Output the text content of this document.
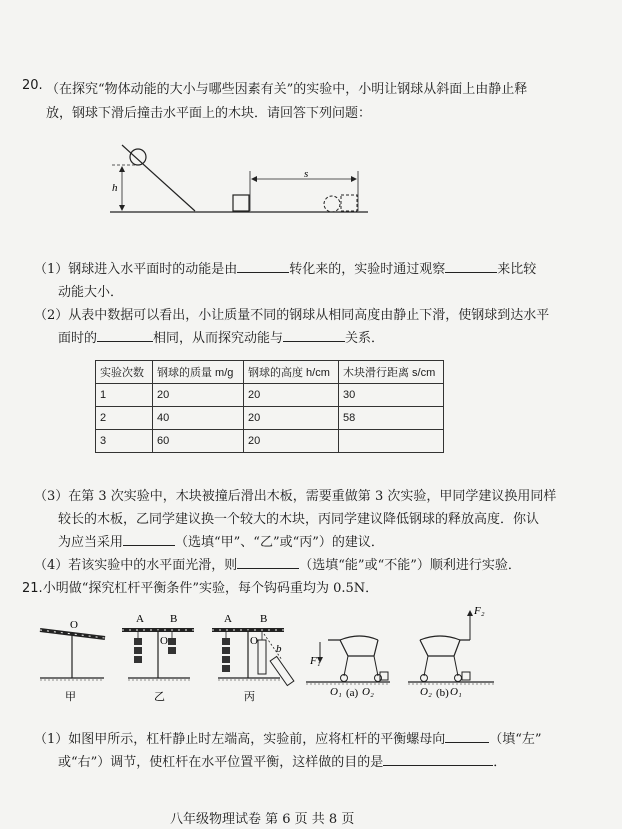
20. （在探究“物体动能的大小与哪些因素有关”的实验中，小明让钢球从斜面上由静止释
放，钢球下滑后撞击水平面上的木块．请回答下列问题：
h
s
（1）钢球进入水平面时的动能是由	转化来的，实验时通过观察	来比较
动能大小．
（2）从表中数据可以看出，小让质量不同的钢球从相同高度由静止下滑，使钢球到达水平
面时的	相同，从而探究动能与	关系．
实验次数	钢球的质量 m/g	钢球的高度 h/cm	木块滑行距离 s/cm
1	20	20	30
2	40	20	58
3	60	20	
（3）在第 3 次实验中，木块被撞后滑出木板，需要重做第 3 次实验，甲同学建议换用同样
较长的木板，乙同学建议换一个较大的木块，丙同学建议降低钢球的释放高度．你认
为应当采用	（选填“甲”、“乙”或“丙”）的建议．
（4）若该实验中的水平面光滑，则	（选填“能”或“不能”）顺利进行实验．
21.小明做“探究杠杆平衡条件”实验，每个钩码重均为 0.5N．
O
甲
A B
O
乙
A	B
O
b
丙
F₁
O₁ O₂
(a)
F₂
O₂ O₁
(b)
（1）如图甲所示，杠杆静止时左端高，实验前，应将杠杆的平衡螺母向	（填“左”
或“右”）调节，使杠杆在水平位置平衡，这样做的目的是	．
八年级物理试卷 第 6 页 共 8 页
